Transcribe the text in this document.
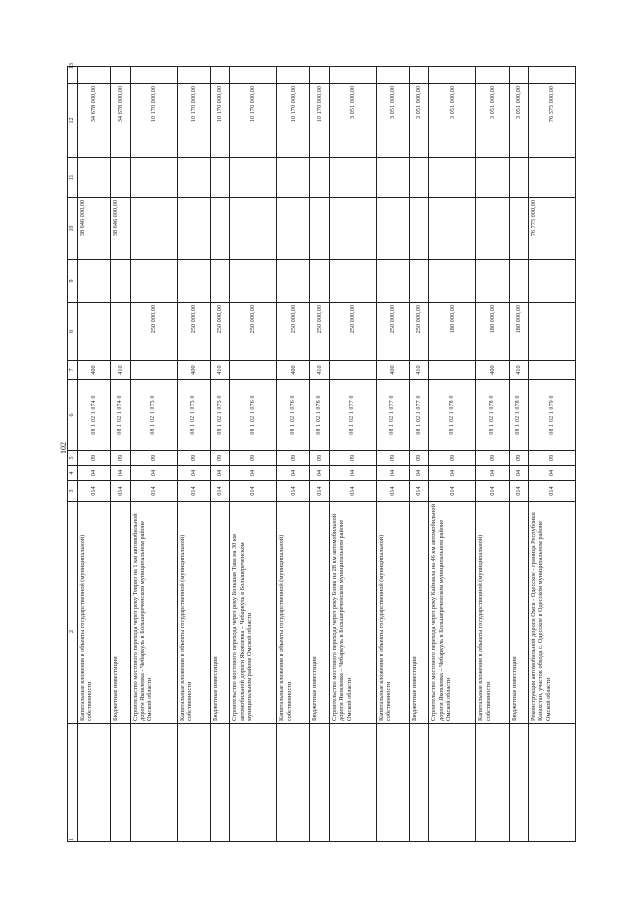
102
1	2	3	4	5	6	7	8	9	10	11	12	13
	Капитальные вложения в объекты государственной (муниципальной) собственности	014	04	09	08 1 02 1 074 0	400			38 646 000,00		34 678 000,00	
	Бюджетные инвестиции	014	04	09	08 1 02 1 074 0	410			38 646 000,00		34 678 000,00	
	Строительство мостового перехода через реку Тевриз на 1 км автомобильной дороги Яковлевка - Чебаркуль в Большереченском муниципальном районе Омской области	014	04	09	08 1 02 1 075 0		250 000,00				10 170 000,00	
	Капитальные вложения в объекты государственной (муниципальной) собственности	014	04	09	08 1 02 1 075 0	400	250 000,00				10 170 000,00	
	Бюджетные инвестиции	014	04	09	08 1 02 1 075 0	410	250 000,00				10 170 000,00	
	Строительство мостового перехода через реку Большая Тава на 30 км автомобильной дороги Яковлевка – Чебаркуль в Большереченском муниципальном районе Омской области	014	04	09	08 1 02 1 076 0		250 000,00				10 170 000,00	
	Капитальные вложения в объекты государственной (муниципальной) собственности	014	04	09	08 1 02 1 076 0	400	250 000,00				10 170 000,00	
	Бюджетные инвестиции	014	04	09	08 1 02 1 076 0	410	250 000,00				10 170 000,00	
	Строительство мостового перехода через реку Бэзяк на 28 км автомобильной дороги Яковлевка – Чебаркуль в Большереченском муниципальном районе Омской области	014	04	09	08 1 02 1 077 0		250 000,00				3 051 000,00	
	Капитальные вложения в объекты государственной (муниципальной) собственности	014	04	09	08 1 02 1 077 0	400	250 000,00				3 051 000,00	
	Бюджетные инвестиции	014	04	09	08 1 02 1 077 0	410	250 000,00				3 051 000,00	
	Строительство мостового перехода через реку Кайзакла на 46 км автомобильной дороги Яковлевка – Чебаркуль в Большереченском муниципальном районе Омской области	014	04	09	08 1 02 1 078 0		180 000,00				3 051 000,00	
	Капитальные вложения в объекты государственной (муниципальной) собственности	014	04	09	08 1 02 1 078 0	400	180 000,00				3 051 000,00	
	Бюджетные инвестиции	014	04	09	08 1 02 1 078 0	410	180 000,00				3 051 000,00	
	Реконструкция автомобильной дороги Омск - Одесское - граница Республики Казахстан, участок обхода с. Одесское в Одесском муниципальном районе Омской области	014	04	09	08 1 02 1 079 0				76 775 000,00		76 375 000,00	
